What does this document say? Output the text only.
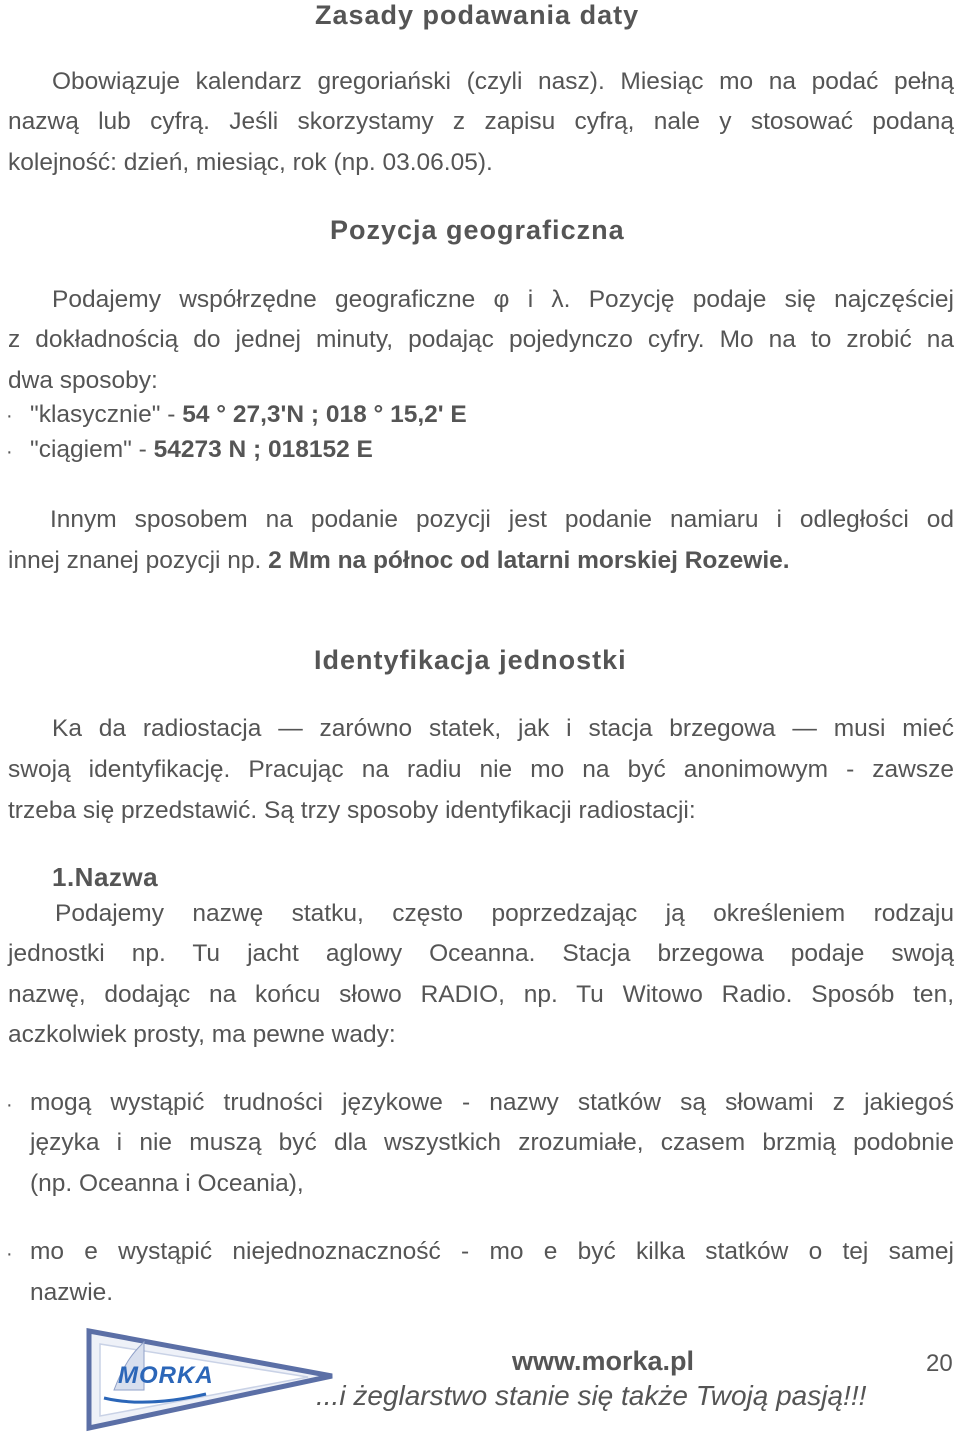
Zasady podawania daty
Obowiązuje kalendarz gregoriański (czyli nasz). Miesiąc mo na podać pełną
nazwą lub cyfrą. Jeśli skorzystamy z zapisu cyfrą, nale y stosować podaną
kolejność: dzień, miesiąc, rok (np. 03.06.05).
Pozycja geograficzna
Podajemy współrzędne geograficzne φ i λ. Pozycję podaje się najczęściej
z dokładnością do jednej minuty, podając pojedynczo cyfry. Mo na to zrobić na
dwa sposoby:
· "klasycznie" - 54 ° 27,3'N ; 018 ° 15,2' E
· "ciągiem" - 54273 N ; 018152 E
Innym sposobem na podanie pozycji jest podanie namiaru i odległości od
innej znanej pozycji np. 2 Mm na północ od latarni morskiej Rozewie.
Identyfikacja jednostki
Ka da radiostacja — zarówno statek, jak i stacja brzegowa — musi mieć
swoją identyfikację. Pracując na radiu nie mo na być anonimowym - zawsze
trzeba się przedstawić. Są trzy sposoby identyfikacji radiostacji:
1.Nazwa
Podajemy nazwę statku, często poprzedzając ją określeniem rodzaju
jednostki np. Tu jacht aglowy Oceanna. Stacja brzegowa podaje swoją
nazwę, dodając na końcu słowo RADIO, np. Tu Witowo Radio. Sposób ten,
aczkolwiek prosty, ma pewne wady:
· mogą wystąpić trudności językowe - nazwy statków są słowami z jakiegoś
języka i nie muszą być dla wszystkich zrozumiałe, czasem brzmią podobnie
(np. Oceanna i Oceania),
· mo e wystąpić niejednoznaczność - mo e być kilka statków o tej samej
nazwie.
MORKA	www.morka.pl	20
...i żeglarstwo stanie się także Twoją pasją!!!
